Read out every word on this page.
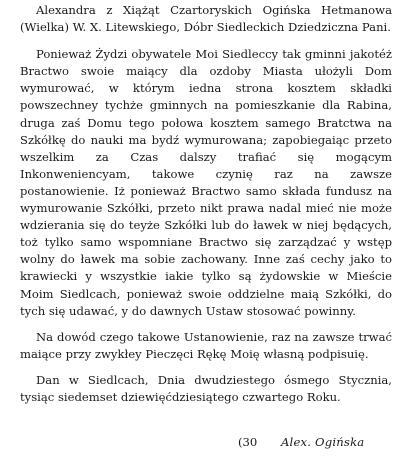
Alexandra z Xiążąt Czartoryskich Ogińska Hetmanowa (Wielka) W. X. Litewskiego, Dóbr Siedleckich Dziedziczna Pani.

Ponieważ Żydzi obywatele Moi Siedleccy tak gminni jakotéż Bractwo swoie maiący dla ozdoby Miasta ułożyli Dom wymurować, w którym iedna strona kosztem składki powszechney tychże gminnych na pomieszkanie dla Rabina, druga zaś Domu tego połowa kosztem samego Bratctwa na Szkółkę do nauki ma bydź wymurowana; zapobiegaiąc przeto wszelkim za Czas dalszy trafiać się mogącym Inkonweniencyam, takowe czynię raz na zawsze postanowienie. Iż ponieważ Bractwo samo składa fundusz na wymurowanie Szkółki, przeto nikt prawa nadal mieć nie może wdzierania się do teyże Szkółki lub do ławek w niej będących, toż tylko samo wspomniane Bractwo się zarządzać y wstęp wolny do ławek ma sobie zachowany. Inne zaś cechy jako to krawiecki y wszystkie iakie tylko są żydowskie w Mieście Moim Siedlcach, ponieważ swoie oddzielne maią Szkółki, do tych się udawać, y do dawnych Ustaw stosować powinny.

Na dowód czego takowe Ustanowienie, raz na zawsze trwać maiące przy zwykłey Pieczęci Rękę Moię własną podpisuię.

Dan w Siedlcach, Dnia dwudziestego ósmego Stycznia, tysiąc siedemset dziewięćdziesiątego czwartego Roku.

(30 Alex. Ogińska
